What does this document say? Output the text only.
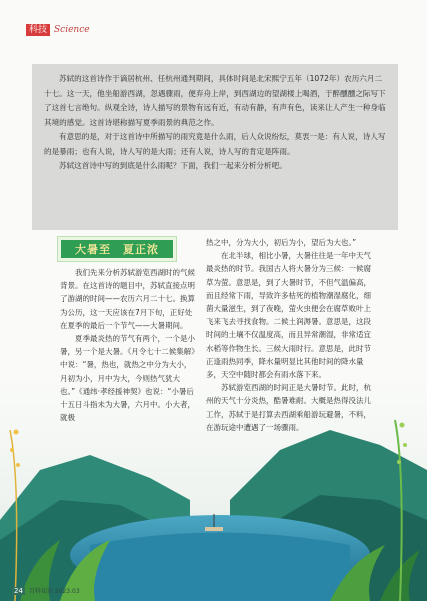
科技 Science

苏轼的这首诗作于谪居杭州、任杭州通判期间，具体时间是北宋熙宁五年（1072年）农历六月二十七。这一天，他坐船游西湖，忽遇骤雨，便弃舟上岸，到西湖边的望湖楼上喝酒，于醉醺醺之际写下了这首七言绝句。纵观全诗，诗人描写的景物有远有近，有动有静，有声有色，读来让人产生一种身临其境的感觉。这首诗堪称描写夏季雨景的典范之作。

有意思的是，对于这首诗中所描写的雨究竟是什么雨，后人众说纷纭，莫衷一是：有人说，诗人写的是暴雨；也有人说，诗人写的是大雨；还有人说，诗人写的肯定是阵雨。

苏轼这首诗中写的到底是什么雨呢？下面，我们一起来分析分析吧。

大暑至　夏正浓

我们先来分析苏轼游览西湖时的气候背景。在这首诗的题目中，苏轼直接点明了游湖的时间——农历六月二十七。换算为公历，这一天应该在7月下旬，正好处在夏季的最后一个节气——大暑期间。

夏季最炎热的节气有两个，一个是小暑，另一个是大暑。《月令七十二候集解》中说：“暑，热也，就热之中分为大小，月初为小，月中为大，今则热气犹大也。”《通纬·孝经援神契》也说：“小暑后十五日斗指未为大暑，六月中。小大者，就极

热之中，分为大小，初后为小，望后为大也。”

在北半球，相比小暑，大暑往往是一年中天气最炎热的时节。我国古人将大暑分为三候：一候腐草为萤。意思是，到了大暑时节，不但气温偏高，而且经常下雨，导致许多枯死的植物潮湿腐化，细菌大量滋生，到了夜晚，萤火虫便会在腐草败叶上飞来飞去寻找食物。二候土润溽暑。意思是，这段时间的土壤不仅温度高，而且异常潮湿，非常适宜水稻等作物生长。三候大雨时行。意思是，此时节正逢雨热同季，降水量明显比其他时间的降水量多，天空中随时都会有雨水落下来。

苏轼游览西湖的时间正是大暑时节。此时，杭州的天气十分炎热，酷暑难耐。大概是热得没法儿工作，苏轼于是打算去西湖乘船游玩避暑，不料，在游玩途中遭遇了一场骤雨。

24	百科知识 2023.03
